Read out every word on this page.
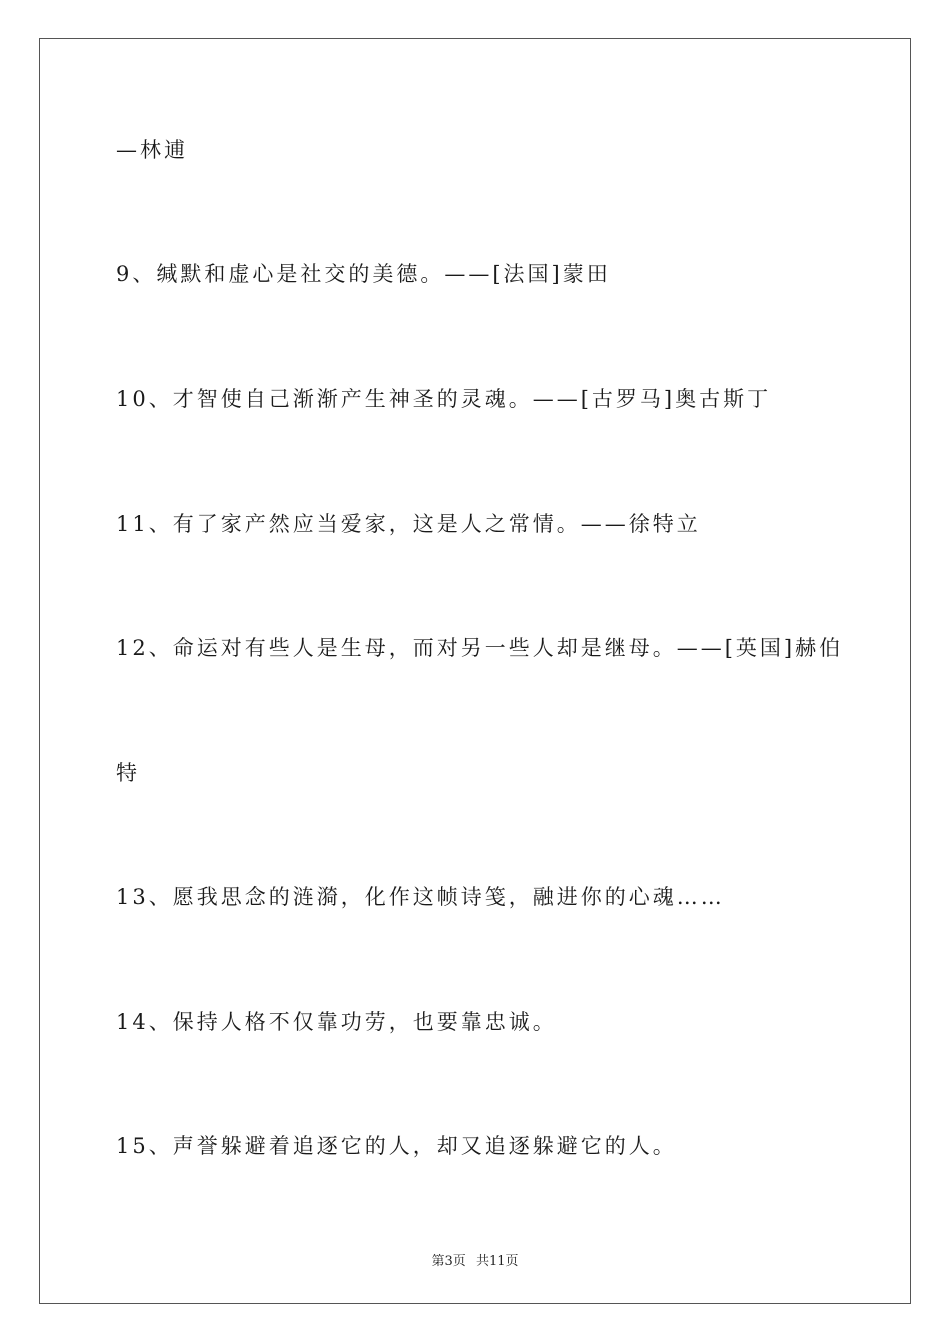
—林逋
9、缄默和虚心是社交的美德。——[法国]蒙田
10、才智使自己渐渐产生神圣的灵魂。——[古罗马]奥古斯丁
11、有了家产然应当爱家，这是人之常情。——徐特立
12、命运对有些人是生母，而对另一些人却是继母。——[英国]赫伯
特
13、愿我思念的涟漪，化作这帧诗笺，融进你的心魂……
14、保持人格不仅靠功劳，也要靠忠诚。
15、声誉躲避着追逐它的人，却又追逐躲避它的人。
第3页 共11页
